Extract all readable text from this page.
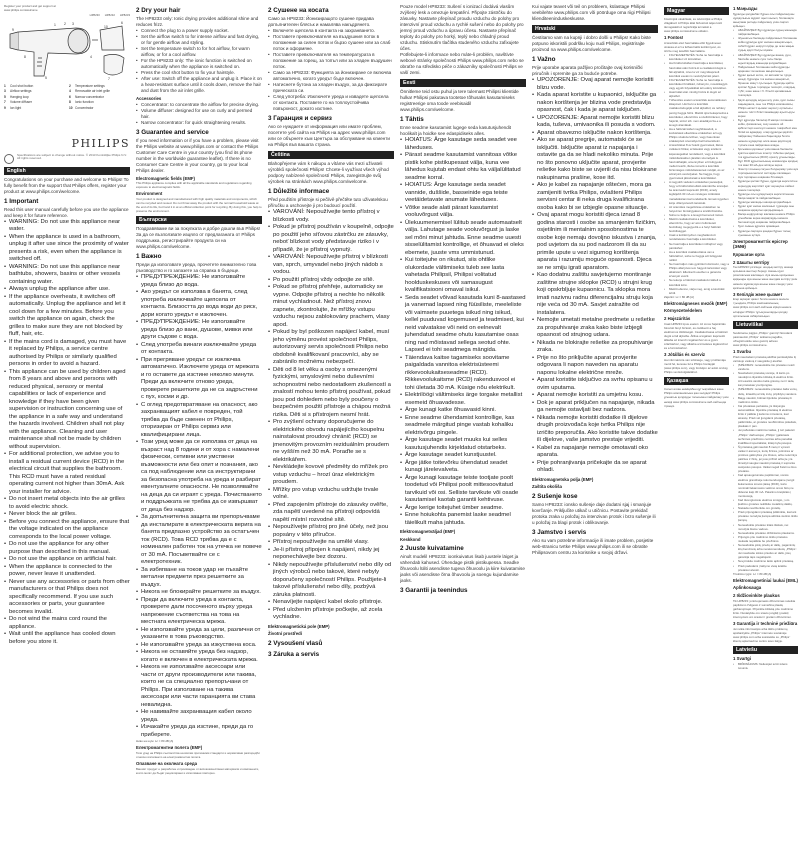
Register your product and get support at
www.philips.com/welcome
HP8230 HP8232 HP8233
1 2 3
4
5
6
7
8
9
10
1 Cool shot button	2 Temperature settings
3 Airflow settings	4 Removable air inlet grille
5 Hanging loop	6 Narrow concentrator
7 Volume diffuser	8 Ionic function
9 Ion light	10 Concentrator
PHILIPS
Specifications are subject to change without notice. © 2013 Koninklijke Philips N.V. All rights reserved.
English

Congratulations on your purchase and welcome to Philips! To fully benefit from the support that Philips offers, register your product at www.philips.com/welcome.

1 Important

Read this user manual carefully before you use the appliance and keep it for future reference.

• WARNING: Do not use this appliance near water.
• When the appliance is used in a bathroom, unplug it after use since the proximity of water presents a risk, even when the appliance is switched off.
• WARNING: Do not use this appliance near bathtubs, showers, basins or other vessels containing water.
• Always unplug the appliance after use.
• If the appliance overheats, it switches off automatically. Unplug the appliance and let it cool down for a few minutes. Before you switch the appliance on again, check the grilles to make sure they are not blocked by fluff, hair, etc.
• If the mains cord is damaged, you must have it replaced by Philips, a service centre authorised by Philips or similarly qualified persons in order to avoid a hazard.
• This appliance can be used by children aged from 8 years and above and persons with reduced physical, sensory or mental capabilities or lack of experience and knowledge if they have been given supervision or instruction concerning use of the appliance in a safe way and understand the hazards involved. Children shall not play with the appliance. Cleaning and user maintenance shall not be made by children without supervision.
• For additional protection, we advise you to install a residual current device (RCD) in the electrical circuit that supplies the bathroom. This RCD must have a rated residual operating current not higher than 30mA. Ask your installer for advice.
• Do not insert metal objects into the air grilles to avoid electric shock.
• Never block the air grilles.
• Before you connect the appliance, ensure that the voltage indicated on the appliance corresponds to the local power voltage.
• Do not use the appliance for any other purpose than described in this manual.
• Do not use the appliance on artificial hair.
• When the appliance is connected to the power, never leave it unattended.
• Never use any accessories or parts from other manufacturers or that Philips does not specifically recommend. If you use such accessories or parts, your guarantee becomes invalid.
• Do not wind the mains cord round the appliance.
• Wait until the appliance has cooled down before you store it.
2 Dry your hair

The HP8233 only: Ionic drying provides additional shine and reduces frizz.

• Connect the plug to a power supply socket.
• Set the airflow switch to for intense airflow and fast drying, or for gentle airflow and styling.
• Set the temperature switch to for hot airflow, for warm airflow, or for a cool airflow.
• For the HP8233 only: The ionic function is switched on automatically when the appliance is switched on.
• Press the cool shot button to fix your hairstyle.
• After use: Switch off the appliance and unplug it. Place it on a heat-resistant surface until it cools down, remove the hair and dust from the air inlet grille.
Accessories
• Concentrator: to concentrate the airflow for precise drying.
• Volume diffuser: designed for use on curly and permed hair.
• Narrow concentrator: for quick straightening results.
3 Guarantee and service

If you need information or if you have a problem, please visit the Philips website at www.philips.com or contact the Philips Customer Care Centre in your country (you find its phone number in the worldwide guarantee leaflet). If there is no Consumer Care Centre in your country, go to your local Philips dealer.

Electromagnetic fields (EMF)

This Philips appliance complies with all the applicable standards and regulations regarding exposure to electromagnetic fields.

Environment

Your product is designed and manufactured with high quality materials and components, which can be recycled and reused. Do not throw away the product with the normal household waste at the end of its life, but hand it in at an official collection point for recycling. By doing this, you help to preserve the environment.

Български

Поздравяваме ви за покупката и добре дошли във Philips! За да се възползвате изцяло от предлаганата от Philips поддръжка, регистрирайте продукта си на www.philips.com/welcome.

1 Важно

Преди да използвате уреда, прочетете внимателно това ръководство и го запазете за справка в бъдеще.

• ПРЕДУПРЕЖДЕНИЕ: Не използвайте уреда близо до вода.
• Ако уредът се използва в банята, след употреба изключвайте щепсела от контакта. Близостта до вода води до риск, дори когато уредът е изключен.
• ПРЕДУПРЕЖДЕНИЕ: Не използвайте уреда близо до вани, душове, мивки или други съдове с вода.
• След употреба винаги изключвайте уреда от контакта.
• При прегряване уредът се изключва автоматично. Изключете уреда от мрежата и го оставете да изстине няколко минути. Преди да включите отново уреда, проверете решетките да не са задръстени с пух, косми и др.
• С оглед предотвратяване на опасност, ако захранващият кабел е повреден, той трябва да бъде сменен от Philips, оторизиран от Philips сервиз или квалифицирани лица.
• Този уред може да се използва от деца на възраст над 8 години и от хора с намалени физически, сетивни или умствени възможности или без опит и познания, ако са под наблюдение или са инструктирани за безопасна употреба на уреда и разбират евентуалните опасности. Не позволявайте на деца да си играят с уреда. Почистването и поддръжката не трябва да се извършват от деца без надзор.
• За допълнителна защита ви препоръчваме да инсталирате в електрическата верига на банята предпазно устройство за остатъчен ток (RCD). Това RCD трябва да е с номинален работен ток на утечка не повече от 30 mA. Посъветвайте се с електротехник.
• За избягване на токов удар не пъхайте метални предмети през решетките за въздух.
• Никога не блокирайте решетките за въздух.
• Преди да включите уреда в контакта, проверете дали посоченото върху уреда напрежение съответства на това на местната електрическа мрежа.
• Не използвайте уреда за цели, различни от указаните в това ръководство.
• Не използвайте уреда за изкуствена коса.
• Никога не оставяйте уреда без надзор, когато е включен в електрическата мрежа.
• Никога не използвайте аксесоари или части от други производители или такива, които не са специално препоръчани от Philips. При използване на такива аксесоари или части гаранцията ви става невалидна.
• Не навивайте захранващия кабел около уреда.
• Изчакайте уреда да изстине, преди да го приберете.

Ниво на шум: Lc = 80 dB [A]

Електромагнитни полета (EMF)

Този уред на Philips съответства на всички приложими стандарти и нормативни разпоредби относно излагането на електромагнитни полета.

Опазване на околната среда

Вашият продукт е разработен и произведен от висококачествени материали и компоненти, които могат да бъдат рециклирани и използвани повторно.

2 Сушене на косата

Само за HP8233: Йонизиращото сушене придава допълнителен блясък и намалява накъдрянето.

• Включете щепсела в контакта на захранването.
• Поставете превключвателя на въздушния поток в положение за силен поток и бързо сушене или за слаб поток и оформяне.
• Поставете превключвателя на температурата в положение за горещ, за топъл или за хладен въздушен поток.
• Само за HP8233: Функцията за йонизиране се включва автоматично, когато уредът бъде включен.
• Натиснете бутона за хладен въздух, за да фиксирате прическата си.
• След употреба: Изключете уреда и извадете щепсела от контакта. Поставете го на топлоустойчива повърхност, докато изстине.
3 Гаранция и сервиз

Ако се нуждаете от информация или имате проблем, посетете уеб сайта на Philips на адрес www.philips.com или се обърнете към Центъра за обслужване на клиенти на Philips във вашата страна.

Čeština

Blahopřejeme vám k nákupu a vítáme vás mezi uživateli výrobků společnosti Philips! Chcete-li využívat všech výhod podpory nabízené společností Philips, zaregistrujte svůj výrobek na stránkách www.philips.com/welcome.

1 Důležité informace

Před použitím přístroje si pečlivě přečtěte tuto uživatelskou příručku a uschovejte ji pro budoucí použití.

• VAROVÁNÍ: Nepoužívejte tento přístroj v blízkosti vody.
• Pokud je přístroj používán v koupelně, odpojte po použití jeho síťovou zástrčku ze zásuvky, neboť blízkost vody představuje riziko i v případě, že je přístroj vypnutý.
• VAROVÁNÍ: Nepoužívejte přístroj v blízkosti van, sprch, umyvadel nebo jiných nádob s vodou.
• Po použití přístroj vždy odpojte ze sítě.
• Pokud se přístroj přehřeje, automaticky se vypne. Odpojte přístroj a nechte ho několik minut vychladnout. Než přístroj znovu zapnete, zkontrolujte, že mřížky vstupu vzduchu nejsou zablokovány prachem, vlasy apod.
• Pokud by byl poškozen napájecí kabel, musí jeho výměnu provést společnost Philips, autorizovaný servis společnosti Philips nebo obdobně kvalifikovaní pracovníci, aby se zabránilo možnému nebezpečí.
• Děti od 8 let věku a osoby s omezenými fyzickými, smyslovými nebo duševními schopnostmi nebo nedostatkem zkušeností a znalostí mohou tento přístroj používat, pokud jsou pod dohledem nebo byly poučeny o bezpečném použití přístroje a chápou možná rizika. Děti si s přístrojem nesmí hrát.
• Pro zvýšení ochrany doporučujeme do elektrického obvodu napájejícího koupelnu nainstalovat proudový chránič (RCD) se jmenovitým provozním reziduálním proudem ne vyšším než 30 mA. Poraďte se s elektrikářem.
• Nevkládejte kovové předměty do mřížek pro vstup vzduchu – hrozí úraz elektrickým proudem.
• Mřížky pro vstup vzduchu udržujte trvale volné.
• Před zapojením přístroje do zásuvky ověřte, zda napětí uvedené na přístroji odpovídá napětí místní rozvodné sítě.
• Nepoužívejte přístroj pro jiné účely, než jsou popsány v této příručce.
• Přístroj nepoužívejte na umělé vlasy.
• Je-li přístroj připojen k napájení, nikdy jej neponechávejte bez dozoru.
• Nikdy nepoužívejte příslušenství nebo díly od jiných výrobců nebo takové, které nebyly doporučeny společností Philips. Použijete-li takové příslušenství nebo díly, pozbývá záruka platnosti.
• Nenavíjejte napájecí kabel okolo přístroje.
• Před uložením přístroje počkejte, až zcela vychladne.
Elektromagnetická pole (EMP)
Životní prostředí
2 Vysoušení vlasů
3 Záruka a servis

Pouze model HP8233: Sušení s ionizací dodává vlasům zvýšený lesk a omezuje krepatění. Připojte zástrčku do zásuvky. Nastavte přepínač proudu vzduchu do polohy pro intenzivní proud vzduchu a rychlé sušení nebo do polohy pro jemný proud vzduchu a úpravu účesu. Nastavte přepínač teploty do polohy pro horký, teplý nebo chladný proud vzduchu. Stisknutím tlačítka studeného vzduchu zafixujete účes.

Potřebujete-li informace nebo máte-li problém, navštivte webové stránky společnosti Philips www.philips.com nebo se obraťte na středisko péče o zákazníky společnosti Philips ve vaší zemi.

Eesti

Õnnitleme teid ostu puhul ja tere tulemast Philipsi klientide hulka! Philipsi pakutava tootetoe tõhusaks kasutamiseks registreerige oma toode veebisaidil www.philips.com/welcome.

1 Tähtis

Enne seadme kasutamist lugege seda kasutusjuhendit hoolikalt ja hoidke see edaspidiseks alles.

• HOIATUS: Ärge kasutage seda seadet vee läheduses.
• Pärast seadme kasutamist vannitoas võtke pistik kohe pistikupesast välja, kuna vee lähedus kujutab endast ohtu ka väljalülitatud seadme korral.
• HOIATUS: Ärge kasutage seda seadet vannide, duššide, basseinide ega teiste veetäidetavate anumate läheduses.
• Võtke seade alati pärast kasutamist vooluvõrgust välja.
• Ülekuumenemisel lülitub seade automaatselt välja. Lahutage seade vooluvõrgust ja laske sel mõni minut jahtuda. Enne seadme uuesti sisselülitamist kontrollige, et õhuavad ei oleks ebemete, juuste vms ummistunud.
• Kui toitejuhe on rikutud, siis ohtlike olukordade vältimiseks tuleb see lasta vahetada Philipsil, Philipsi volitatud hoolduskeskuses või samasugust kvalifikatsiooni omaval isikul.
• Seda seadet võivad kasutada kuni 8-aastased ja vanemad lapsed ning füüsiliste, meeleliste või vaimsete puuetega isikud ning isikud, kellel puuduvad kogemused ja teadmised, kui neid valvatakse või neid on eelnevalt juhendatud seadme ohutu kasutamise osas ning nad mõistavad sellega seotud ohte. Lapsed ei tohi seadmega mängida.
• Täiendava kaitse tagamiseks soovitame paigaldada vannitoa elektrisüsteemi rikkevoolukaitseseadme (RCD). Rikkevoolukaitsme (RCD) rakendusvool ei tohi ületada 30 mA. Küsige nõu elektrikult.
• Elektrilöögi vältimiseks ärge torgake metallist esemeid õhuavadesse.
• Ärge kunagi katke õhuavasid kinni.
• Enne seadme ühendamist kontrollige, kas seadmele märgitud pinge vastab kohaliku elektrivõrgu pingele.
• Ärge kasutage seadet muuks kui selles kasutusjuhendis kirjeldatud otstarbeks.
• Ärge kasutage seadet kunstjuustel.
• Ärge jätke toitevõrku ühendatud seadet kunagi järelevalveta.
• Ärge kunagi kasutage teiste tootjate poolt toodetud või Philipsi poolt mittesoovitatud tarvikuid või osi. Selliste tarvikute või osade kasutamisel kaotab garantii kehtivuse.
• Ärge kerige toitejuhet ümber seadme.
• Enne hoiukohta panemist laske seadmel täielikult maha jahtuda.
Elektromagnetväljad (EMF)
Keskkond
2 Juuste kuivatamine

Ainult mudelil HP8233: ioonkuivatus lisab juustele läiget ja vähendab kahused. Ühendage pistik pistikupessa. Seadke õhuvoolu lüliti asendisse tugeva õhuvoolu ja kiire kuivatamise jaoks või asendisse õrna õhuvoolu ja soengu kujundamise jaoks.

3 Garantii ja teenindus

Kui vajate teavet või teil on probleem, külastage Philipsi veebilehte www.philips.com või pöörduge oma riigi Philipsi klienditeeninduskeskusse.

Hrvatski

Čestitamo vam na kupnji i dobro došli u Philips! Kako biste potpuno iskoristili podršku koju nudi Philips, registrirajte proizvod na www.philips.com/welcome.

1 Važno

Prije uporabe aparata pažljivo pročitajte ovaj korisnički priručnik i spremite ga za buduće potrebe.

• UPOZORENJE: Ovaj aparat nemojte koristiti blizu vode.
• Kada aparat koristite u kupaonici, isključite ga nakon korištenja jer blizina vode predstavlja opasnost, čak i kada je aparat isključen.
• UPOZORENJE: Aparat nemojte koristiti blizu kada, tuševa, umivaonika ili posuda s vodom.
• Aparat obavezno isključite nakon korištenja.
• Ako se aparat pregrije, automatski će se isključiti. Isključite aparat iz napajanja i ostavite ga da se hladi nekoliko minuta. Prije no što ponovno uključite aparat, provjerite rešetke kako biste se uvjerili da nisu blokirane nakupinama prašine, kose itd.
• Ako je kabel za napajanje oštećen, mora ga zamijeniti tvrtka Philips, ovlašteni Philips servisni centar ili neka druga kvalificirana osoba kako bi se izbjegle opasne situacije.
• Ovaj aparat mogu koristiti djeca iznad 8 godina starosti i osobe sa smanjenim fizičkim, osjetilnim ili mentalnim sposobnostima te osobe koje nemaju dovoljno iskustva i znanja, pod uvjetom da su pod nadzorom ili da su primile upute u vezi sigurnog korištenja aparata i razumiju moguće opasnosti. Djeca se ne smiju igrati aparatom.
• Kao dodatnu zaštitu savjetujemo montiranje zaštitne strujne sklopke (RCD) u strujni krug koji opskrbljuje kupaonicu. Ta sklopka mora imati nazivnu radnu diferencijalnu struju koja nije veća od 30 mA. Savjet zatražite od instalatera.
• Nemojte umetati metalne predmete u rešetke za propuhivanje zraka kako biste izbjegli opasnost od strujnog udara.
• Nikada ne blokirajte rešetke za propuhivanje zraka.
• Prije no što priključite aparat provjerite odgovara li napon naveden na aparatu naponu lokalne električne mreže.
• Aparat koristite isključivo za svrhu opisanu u ovim uputama.
• Aparat nemojte koristiti za umjetnu kosu.
• Dok je aparat priključen na napajanje, nikada ga nemojte ostavljati bez nadzora.
• Nikada nemojte koristiti dodatke ili dijelove drugih proizvođača koje tvrtka Philips nije izričito preporučila. Ako koristite takve dodatke ili dijelove, vaše jamstvo prestaje vrijediti.
• Kabel za napajanje nemojte omotavati oko aparata.
• Prije pohranjivanja pričekajte da se aparat ohladi.
Elektromagnetska polja (EMF)
Zaštita okoliša
2 Sušenje kose

Samo HP8233: ionsko sušenje daje dodatni sjaj i smanjuje kovrčanje. Priključite utikač u utičnicu. Postavite prekidač protoka zraka u položaj za intenzivan protok i brzo sušenje ili u položaj za blagi protok i oblikovanje.

3 Jamstvo i servis

Ako su vam potrebne informacije ili imate problem, posjetite web-stranicu tvrtke Philips www.philips.com ili se obratite Philipsovom centru za korisnike u svojoj državi.

Magyar

Köszönjük vásárlását, és üdvözöljük a Philips világában! A Philips által biztosított teljes körű támogatáshoz regisztrálja termékét a www.philips.com/welcome oldalon.

1 Fontos!

A készülék első használata előtt figyelmesen olvassa el ezt a felhasználói kézikönyvet, és őrizze meg későbbi használatra.

• FIGYELMEZTETÉS: Soha ne használja a készüléket víz közelében.
• Ha fürdőszobában használja a készüléket, használat után húzza ki a csatlakozódugót a fali aljzatból, mivel a víz még kikapcsolt készülék esetén is veszélyforrást jelent.
• FIGYELMEZTETÉS: Soha ne használja a készüléket fürdőkád, zuhanyzó, mosdókagyló vagy egyéb folyadékkal teli edény közelében.
• Használat után mindig húzza ki dugót az aljzatból.
• Túlhevülés esetén a készülék automatikusan kikapcsol. Húzza ki a készülék csatlakozódugóját a fali aljzatból, és néhány percig hagyja hűlni. Mielőtt újra bekapcsolná a készüléket, ellenőrizze a szellőzőrácsot, hogy hajszál, szösz stb. nem akadályozza-e a levegő áramlását.
• Ha a hálózati kábel meghibásodott, a kockázatok elkerülése érdekében azt egy Philips szakszervizben, vagy hasonlóan szakképzett személlyel kell kicseréltetni.
• A készüléket 8 év feletti gyermekek, illetve csökkent fizikai, érzékelési vagy szellemi képességekkel rendelkező, vagy a készülék működtetésében járatlan személyek is használhatják, amennyiben ezt felügyelet mellett teszik, illetve ismerik a készülék biztonságos működtetésének módját, és az azzal járó veszélyeket. Ne hagyja, hogy gyermekek játsszanak a készülékkel.
• A nagyobb védelem érdekében javasoljuk, hogy a fürdőszobát ellátó áramkörbe szereljen be áramvédő kapcsolót (RCD), amely legfeljebb 30 mA-es névleges működési maradékárammal rendelkezik. Ennek ügyében kérje villanyszerelő tanácsát.
• Az áramütés megelőzése érdekében ne helyezzen fémtárgyakat a szellőzőrácsba.
• Soha ne fedje le a levegő bemeneti rácsot.
• Mielőtt csatlakoztatná a készüléket, ellenőrizze, hogy az azon feltüntetett feszültség megegyezik-e a helyi hálózati feszültséggel.
• Csak a kézikönyvben meghatározott rendeltetésre használja a készüléket.
• Ne használja a készüléket műhajhoz vagy parókához.
• Ha a készülék csatlakoztatva van a hálózathoz, soha ne hagyja azt felügyelet nélkül.
• Ne használjon más gyártótól származó, vagy a Philips által jóvá nem hagyott tartozékot vagy alkatrészt. Ellenkező esetben a garancia érvényét veszti.
• Ne tekerje a hálózati csatlakozó kábelt a készülék köré.
• Mielőtt eltenné, várja meg, amíg a készülék lehűl.

Zajszint: Lc = 80 dB [A]

Elektromágneses mezők (EMF)
Környezetvédelem
2 Hajszárítás

Csak HP8233 típus esetén: Az ionos hajszárítás fokozott fényt biztosít, és csökkenti a haj elektromos töltöttségét. Csatlakoztassa a hálózati dugót a fali aljzatba. Állítsa a légáram kapcsolót állásba az intenzív légáramhoz és a gyors szárításhoz, vagy állásba a kíméletes légáramhoz és a formázáshoz.

3 Jótállás és szerviz

Ha információra van szüksége, vagy problémája merül fel, keresse fel a Philips honlapját (www.philips.com), vagy forduljon az adott ország Philips vevőszolgálatához.

Қазақша

Сатып алған өніміңізбен құттықтаймыз және Philips компаниясына қош келдіңіз! Philips ұсынатын қолдауды толығымен пайдалану үшін өнімді www.philips.com/welcome веб-сайтында тіркеңіз.

1 Маңызды

Құралды қолданбас бұрын осы пайдаланушы нұсқаулығын мұқият оқып шығып, болашақта анықтама ретінде пайдалану үшін сақтап қойыңыз.

• АБАЙЛАҢЫЗ! Бұл құралды судың жанында пайдаланбаңыз.
• Жуынатын бөлмеде пайдаланып болғаннан кейін құралды қуат көзінен ажыратыңыз, себебі құрал өшірулі күйде де оған жақын судың қаупі болуы мүмкін.
• АБАЙЛАҢЫЗ! Бұл құралды ванна, душ, бассейн немесе суға толы басқа ыдыстардың жанында қолданбаңыз.
• Пайдаланып болғаннан кейін құралды әрқашан ток көзінен ажыратыңыз.
• Құрал қызып кетсе, ол автоматты түрде өшеді. Құралды ток көзінен ажыратып, бірнеше минут суытыңыз. Құралды қайта қоспас бұрын торларды тексеріп, олардың түбіт, шаш және т.б. бітеліп қалмағанын тексеріңіз.
• Қауіп-қатердің алдын алу үшін, қуат сымы зақымданса, оны тек Philips компаниясы, Philips өкілетті қызмет көрсету орталығы немесе тиісті білікті мамандар ауыстыруы керек.
• Бұл құралды балалар 8 жасқа толғаннан кейін, физикалық, сезу немесе ой қабілеттері шектеулі немесе тәжірибесі мен білімі аз адамдар, олар құралды қауіпсіз пайдалану бойынша бақылауда болса немесе нұсқаулар алса және қауіптерді түсінсе ғана пайдалана алады.
• Қосымша қорғаныс үшін ванна бөлмесін қуатпен қамтитын электр тізбегіне қалдық ток құрылғысын (RCD) орнату ұсынылады. Бұл RCD құрылғысының номиналды қалдық ток мәні 30 мА-ден аспауы керек.
• Электр тогының соғуын болдырмау үшін ауа торларына металл заттарды салмаңыз.
• Ауа торларын ешқашан бітемеңіз.
• Құралды қоспас бұрын, құралда көрсетілген кернеудің жергілікті қуат кернеуіне сәйкес екенін тексеріңіз.
• Құралды осы нұсқаулықта көрсетілгеннен басқа мақсатта пайдаланбаңыз.
• Құралды жасанды шашқа қолданбаңыз.
• Құрал қуат көзіне жалғанып тұрғанда оны ешқашан қараусыз қалдырмаңыз.
• Басқа өндірушілер жасаған немесе Philips ұсынбаған керек-жарақтарды немесе бөлшектерді ешқашан пайдаланбаңыз.
• Қуат сымын құралға орамаңыз.
• Құралды сақтауға қоюдан бұрын толық суығанын күтіңіз.
Электромагниттік өрістер (ЭМӨ)
Қоршаған орта
2 Шашты кептіру

Тек HP8233 үлгісінде: иондық кептіру шашқа қосымша жылтыр береді. Ашаны қуат розеткасына жалғаңыз. Ауа ағыны қосқышын қарқынды ауа ағыны және жылдам кептіру үшін немесе жұмсақ ауа ағыны және сәндеу үшін қалпына қойыңыз.

3 Кепілдік және қызмет

Егер ақпарат қажет болса немесе мәселе туындаса, Philips компаниясының www.philips.com веб-сайтына кіріңіз немесе еліңіздегі Philips тұтынушыларды қолдау орталығына хабарласыңыз.

Lietuviškai

Sveikiname įsigijus „Philips“ gaminį! Norėdami pasinaudoti „Philips“ teikiama pagalba, užregistruokite savo gaminį adresu www.philips.com/welcome.

1 Svarbu

Prieš naudodami prietaisą atidžiai perskaitykite šį vartotojo vadovą ir saugokite jį ateičiai.

• ĮSPĖJIMAS: nenaudokite šio prietaiso netoli vandens.
• Naudodami prietaisą vonioje, iš karto po naudojimo išjunkite kištuką iš elektros lizdo. Arti esantis vanduo kelia grėsmę net ir tada, kai prietaisas yra išjungtas.
• ĮSPĖJIMAS: nenaudokite prietaiso šalia vonių, dušų, kriauklių ar kitų indų, pripildytų vandens.
• Baigę naudoti, būtinai išjunkite prietaisą iš maitinimo tinklo.
• Kai prietaisas perkaista, jis išsijungia automatiškai. Išjunkite prietaisą iš elektros lizdo ir palikite jį kelioms minutėms, kad atvėstų. Prieš vėl įjungdami prietaisą, patikrinkite, ar grotelės neužkimštos pūkeliais, plaukais ir pan.
• Jei pažeistas maitinimo laidas, jį turi pakeisti „Philips“ darbuotojai, „Philips“ įgaliotasis techninės priežiūros centras arba panašiai kvalifikuoti specialistai, kitaip kyla pavojus.
• Šį prietaisą gali naudoti 8 metų ir vyresni vaikai ir asmenys, kurių fizinės, jutiminės ar protinės galimybės yra ribotos, arba neturintys patirties ir žinių, jei juos prižiūri arba jie yra išmokyti saugiai naudoti prietaisą ir supranta susijusius pavojus. Vaikai negali žaisti su šiuo prietaisu.
• Kad apsaugotumėte papildomai, vonios elektros grandinėje rekomenduojame įrengti liekamosios srovės įtaisą (RCD), kurio nominali liekamosios veikimo srovė būtų ne didesnė kaip 30 mA. Patarimo kreipkitės į montuotoją.
• Kad išvengtumėte elektros smūgio, į oro įleidimo groteles nekiškite metalinių daiktų.
• Niekada neuždenkite oro grotelių.
• Prieš prijungdami prietaisą įsitikinkite, kad ant prietaiso nurodyta įtampa atitinka vietinio tinklo įtampą.
• Nenaudokite prietaiso kitais tikslais, nei nurodyta šiame vadove.
• Nenaudokite prietaiso dirbtiniams plaukams.
• Prijungto prie maitinimo tinklo prietaiso niekada nepalikite be priežiūros.
• Nenaudokite jokių priedų ar dalių, pagamintų kitų bendrovių arba nerekomenduotų „Philips“. Jei naudosite tokius priedus ar dalis, jūsų garantija taps negaliojanti.
• Nevyniokite maitinimo laido aplink prietaisą.
• Prieš padėdami į laikymo vietą leiskite prietaisui atvėsti.

Triukšmo lygis: Lc = 80 dB [A]

Elektromagnetiniai laukai (EML)
Aplinkosauga
2 Išdžiovinkite plaukus

Tik HP8233: jonizuojamasis džiovinimas suteikia papildomo žvilgesio ir sumažina plaukų garbanojimąsi. Prijunkite kištuką prie maitinimo lizdo. Nustatykite oro srauto jungiklį į padėtį intensyviam oro srautui ir greitam džiovinimui.

3 Garantija ir techninė priežiūra

Jei reikia informacijos arba iškilo problemų, apsilankykite „Philips“ interneto svetainėje www.philips.com arba susisiekite su „Philips“ klientų aptarnavimo centru savo šalyje.

Latviešu
1 Svarīgi
• BRĪDINĀJUMS: Nelietojiet ierīci ūdens tuvumā.
